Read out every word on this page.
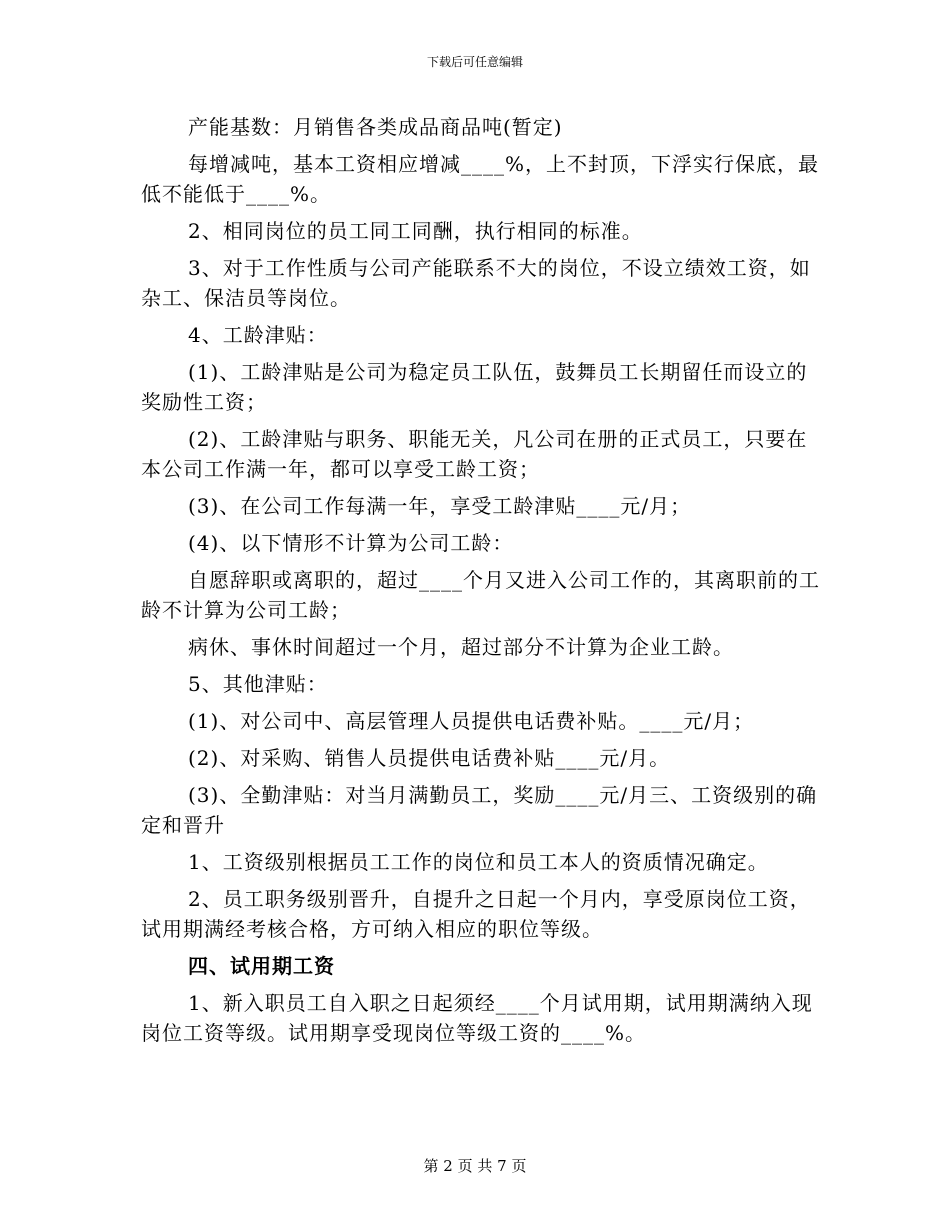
下载后可任意编辑

产能基数：月销售各类成品商品吨(暂定)

每增减吨，基本工资相应增减____%，上不封顶，下浮实行保底，最低不能低于____%。

2、相同岗位的员工同工同酬，执行相同的标准。

3、对于工作性质与公司产能联系不大的岗位，不设立绩效工资，如杂工、保洁员等岗位。

4、工龄津贴：

(1)、工龄津贴是公司为稳定员工队伍，鼓舞员工长期留任而设立的奖励性工资；

(2)、工龄津贴与职务、职能无关，凡公司在册的正式员工，只要在本公司工作满一年，都可以享受工龄工资；

(3)、在公司工作每满一年，享受工龄津贴____元/月；

(4)、以下情形不计算为公司工龄：

自愿辞职或离职的，超过____个月又进入公司工作的，其离职前的工龄不计算为公司工龄；

病休、事休时间超过一个月，超过部分不计算为企业工龄。

5、其他津贴：

(1)、对公司中、高层管理人员提供电话费补贴。____元/月；

(2)、对采购、销售人员提供电话费补贴____元/月。

(3)、全勤津贴：对当月满勤员工，奖励____元/月三、工资级别的确定和晋升

1、工资级别根据员工工作的岗位和员工本人的资质情况确定。

2、员工职务级别晋升，自提升之日起一个月内，享受原岗位工资，试用期满经考核合格，方可纳入相应的职位等级。

四、试用期工资

1、新入职员工自入职之日起须经____个月试用期，试用期满纳入现岗位工资等级。试用期享受现岗位等级工资的____%。

第 2 页 共 7 页
